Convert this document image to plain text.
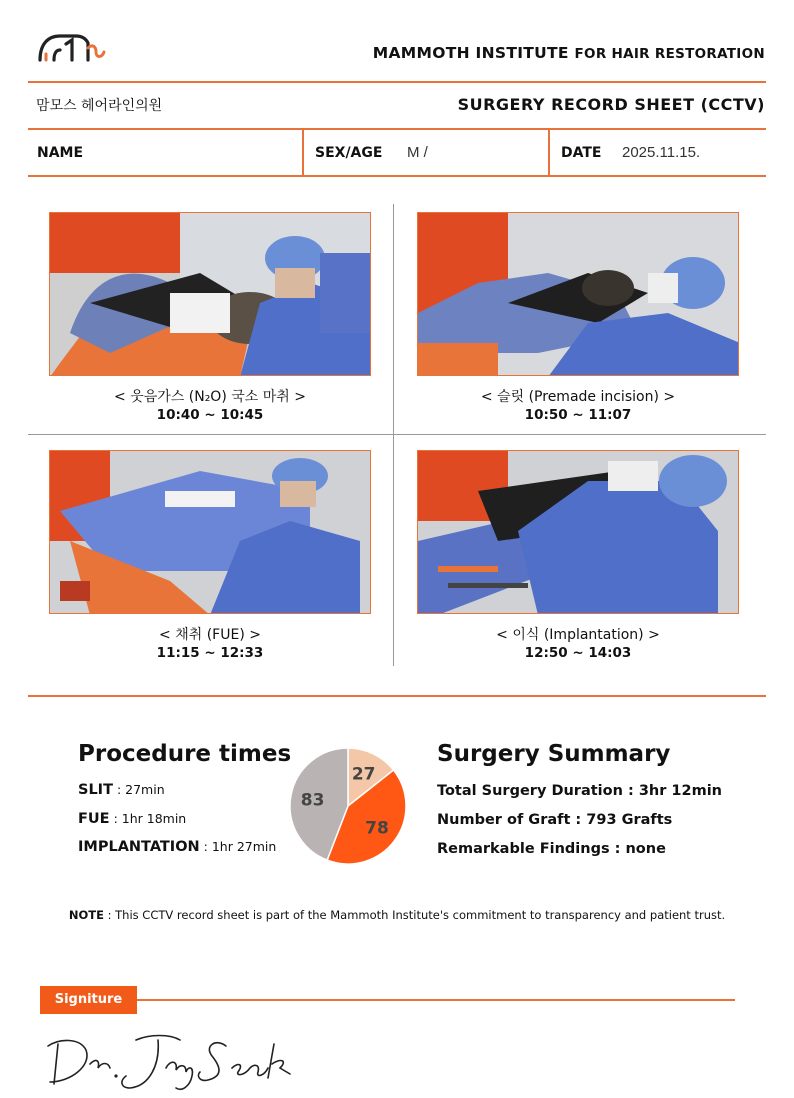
MAMMOTH INSTITUTE FOR HAIR RESTORATION
맘모스 헤어라인의원	SURGERY RECORD SHEET (CCTV)
NAME	SEX/AGE M /	DATE 2025.11.15.
< 웃음가스 (N₂O) 국소 마취 >
10:40 ~ 10:45
< 슬릿 (Premade incision) >
10:50 ~ 11:07
< 채취 (FUE) >
11:15 ~ 12:33
< 이식 (Implantation) >
12:50 ~ 14:03
Procedure times
SLIT : 27min
FUE : 1hr 18min
IMPLANTATION : 1hr 27min
27
78
83
Surgery Summary
Total Surgery Duration : 3hr 12min
Number of Graft : 793 Grafts
Remarkable Findings : none
NOTE : This CCTV record sheet is part of the Mammoth Institute's commitment to transparency and patient trust.
Signiture
